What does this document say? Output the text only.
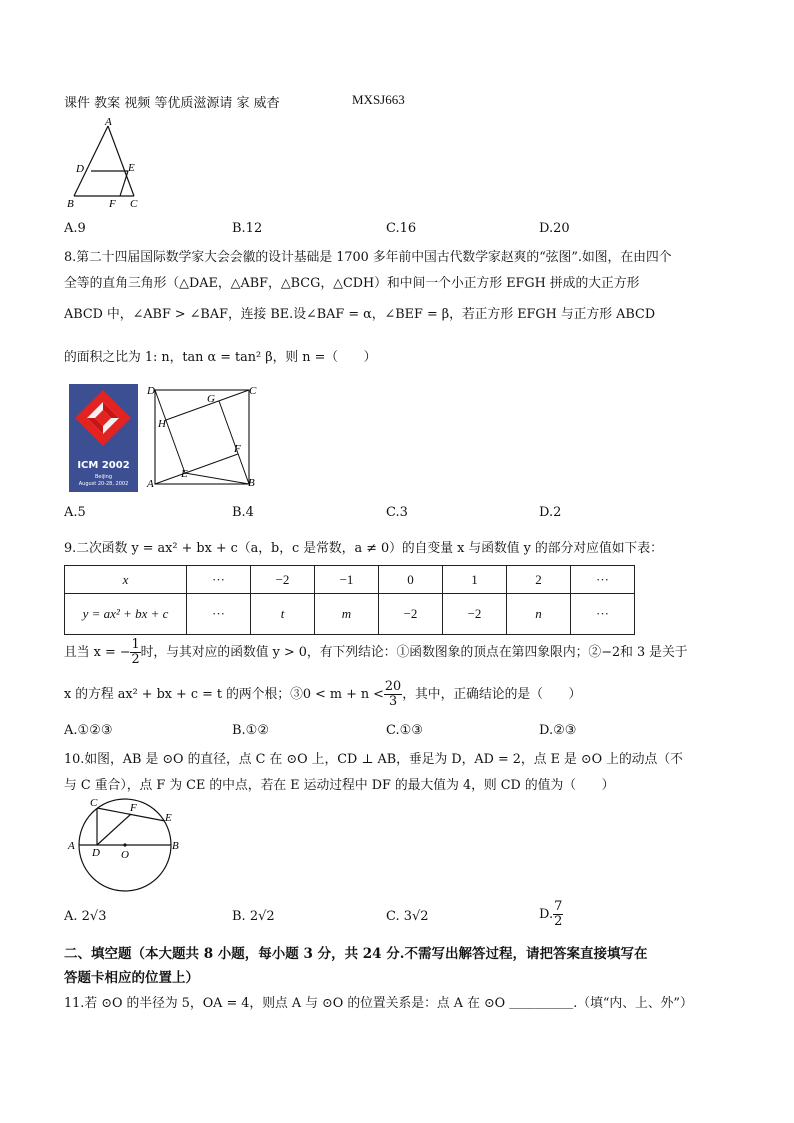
课件 教案 视频 等优质滋源请 家 威杳	MXSJ663
A
D	E
B	F C
A.9	B.12	C.16	D.20
8.第二十四届国际数学家大会会徽的设计基础是 1700 多年前中国古代数学家赵爽的“弦图”.如图，在由四个
全等的直角三角形（△DAE，△ABF，△BCG，△CDH）和中间一个小正方形 EFGH 拼成的大正方形
ABCD 中，∠ABF > ∠BAF，连接 BE.设∠BAF = α，∠BEF = β，若正方形 EFGH 与正方形 ABCD
的面积之比为 1: n，tan α = tan² β，则 n =（　　）
ICM 2002
Beijing
August 20-28, 2002
D	C
G
H
F
A
E
B
A.5	B.4	C.3	D.2
9.二次函数 y = ax² + bx + c（a，b，c 是常数，a ≠ 0）的自变量 x 与函数值 y 的部分对应值如下表：
x	···	−2	−1	0	1	2	···
y = ax² + bx + c	···	t	m	−2	−2	n	···
且当 x = − $\frac{1}{2}$ 时，与其对应的函数值 y > 0，有下列结论：①函数图象的顶点在第四象限内；②−2和 3 是关于
x 的方程 ax² + bx + c = t 的两个根；③0 < $m + n < \frac{20}{3}$ ，其中，正确结论的是（　　）
A.①②③	B.①②	C.①③	D.②③
10.如图，AB 是 ⊙O 的直径，点 C 在 ⊙O 上，CD ⊥ AB，垂足为 D，AD = 2，点 E 是 ⊙O 上的动点（不
与 C 重合），点 F 为 CE 的中点，若在 E 运动过程中 DF 的最大值为 4，则 CD 的值为（　　）
C	F
E
A
D O
B
A. 2√3	B. 2√2	C. 3√2	D. $\frac{7}{2}$
二、填空题（本大题共 8 小题，每小题 3 分，共 24 分.不需写出解答过程，请把答案直接填写在
答题卡相应的位置上）
11.若 ⊙O 的半径为 5，OA = 4，则点 A 与 ⊙O 的位置关系是：点 A 在 ⊙O ＿＿＿＿＿.（填“内、上、外”）
